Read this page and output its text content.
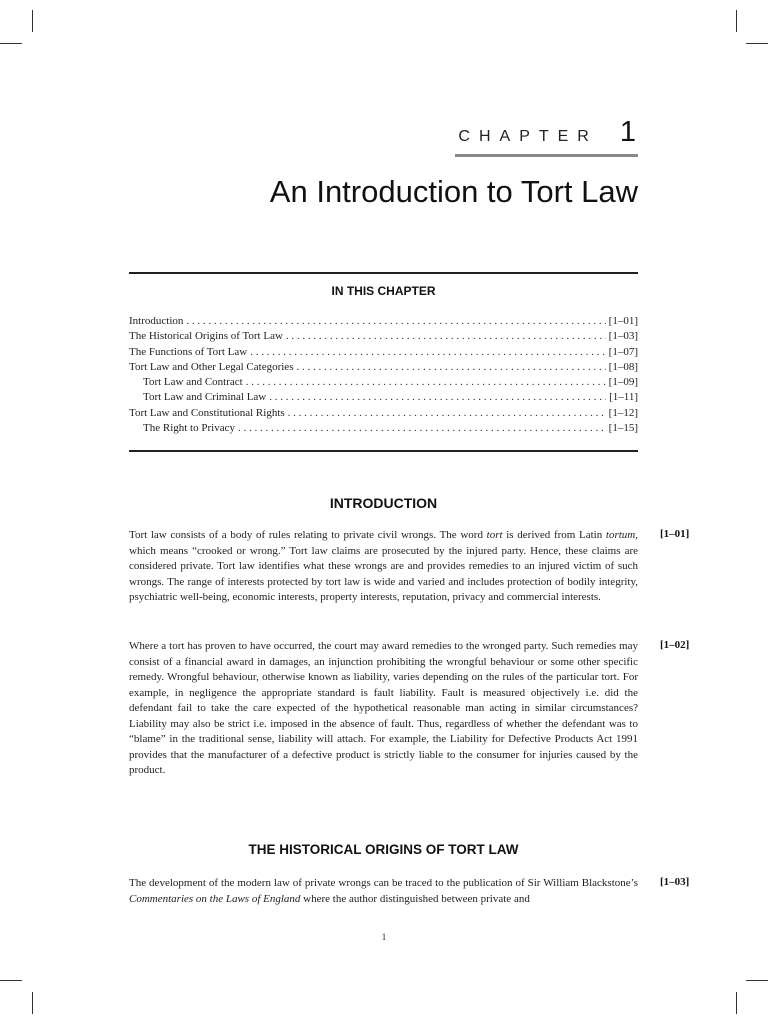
CHAPTER 1
An Introduction to Tort Law
IN THIS CHAPTER
Introduction . . .	[1–01]
The Historical Origins of Tort Law . . .	[1–03]
The Functions of Tort Law . . .	[1–07]
Tort Law and Other Legal Categories . . .	[1–08]
Tort Law and Contract . . .	[1–09]
Tort Law and Criminal Law . . .	[1–11]
Tort Law and Constitutional Rights . . .	[1–12]
The Right to Privacy . . .	[1–15]
INTRODUCTION
Tort law consists of a body of rules relating to private civil wrongs. The word tort is derived from Latin tortum, which means “crooked or wrong.” Tort law claims are prosecuted by the injured party. Hence, these claims are considered private. Tort law identifies what these wrongs are and provides remedies to an injured victim of such wrongs. The range of interests protected by tort law is wide and varied and includes protection of bodily integrity, psychiatric well-being, economic interests, property interests, reputation, privacy and commercial interests.
[1–01]
Where a tort has proven to have occurred, the court may award remedies to the wronged party. Such remedies may consist of a financial award in damages, an injunction prohibiting the wrongful behaviour or some other specific remedy. Wrongful behaviour, otherwise known as liability, varies depending on the rules of the particular tort. For example, in negligence the appropriate standard is fault liability. Fault is measured objectively i.e. did the defendant fail to take the care expected of the hypothetical reasonable man acting in similar circumstances? Liability may also be strict i.e. imposed in the absence of fault. Thus, regardless of whether the defendant was to “blame” in the traditional sense, liability will attach. For example, the Liability for Defective Products Act 1991 provides that the manufacturer of a defective product is strictly liable to the consumer for injuries caused by the product.
[1–02]
THE HISTORICAL ORIGINS OF TORT LAW
The development of the modern law of private wrongs can be traced to the publication of Sir William Blackstone’s Commentaries on the Laws of England where the author distinguished between private and
[1–03]
1
